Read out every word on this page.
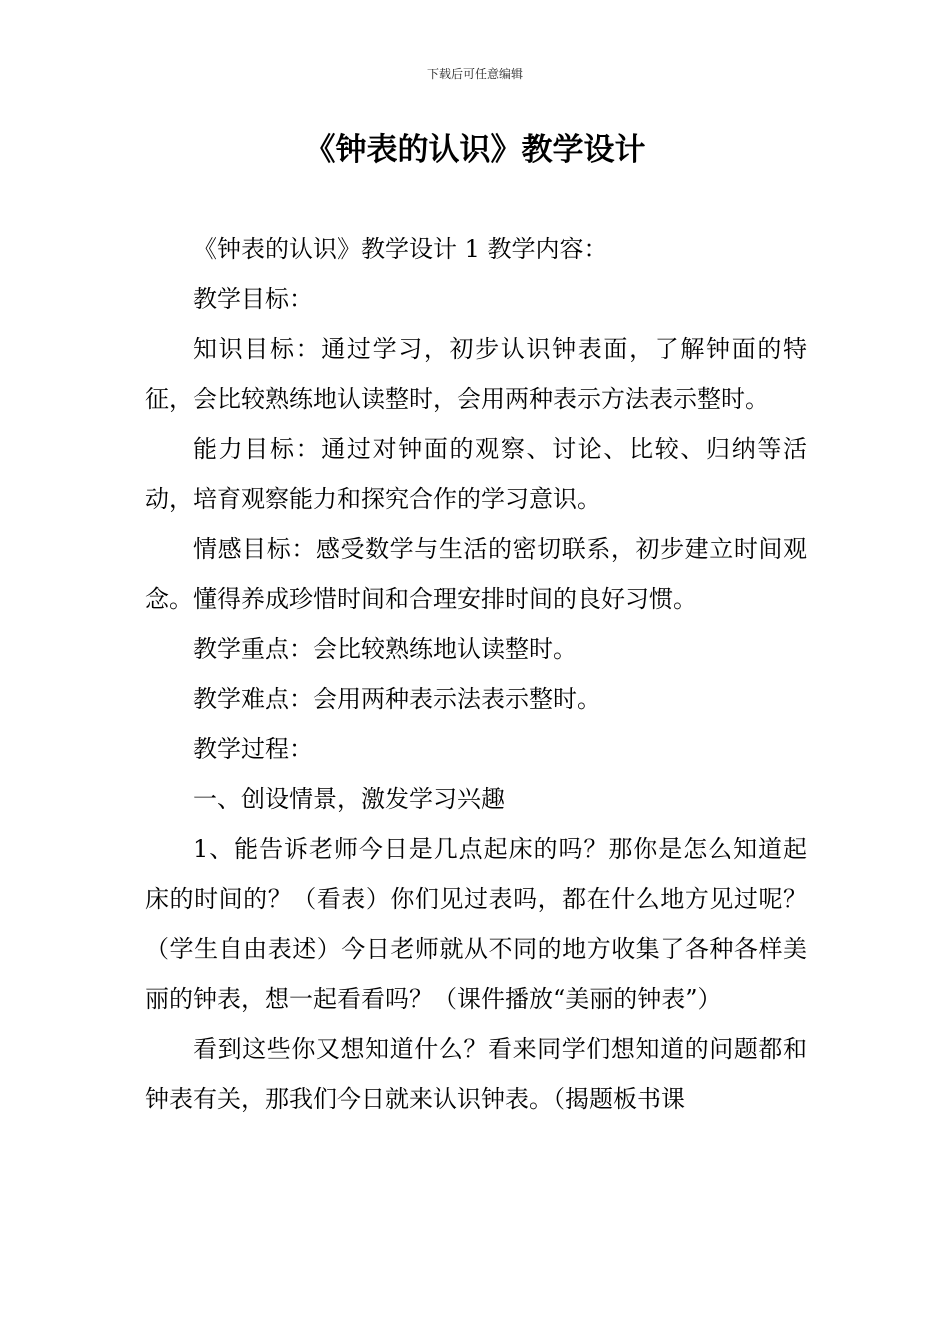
下载后可任意编辑
《钟表的认识》教学设计

《钟表的认识》教学设计 1 教学内容：

教学目标：

知识目标：通过学习，初步认识钟表面，了解钟面的特征，会比较熟练地认读整时，会用两种表示方法表示整时。

能力目标：通过对钟面的观察、讨论、比较、归纳等活动，培育观察能力和探究合作的学习意识。

情感目标：感受数学与生活的密切联系，初步建立时间观念。懂得养成珍惜时间和合理安排时间的良好习惯。

教学重点：会比较熟练地认读整时。

教学难点：会用两种表示法表示整时。

教学过程：

一、创设情景，激发学习兴趣

1、能告诉老师今日是几点起床的吗？那你是怎么知道起床的时间的？（看表）你们见过表吗，都在什么地方见过呢？（学生自由表述）今日老师就从不同的地方收集了各种各样美丽的钟表，想一起看看吗？（课件播放“美丽的钟表”）

看到这些你又想知道什么？看来同学们想知道的问题都和钟表有关，那我们今日就来认识钟表。（揭题板书课
